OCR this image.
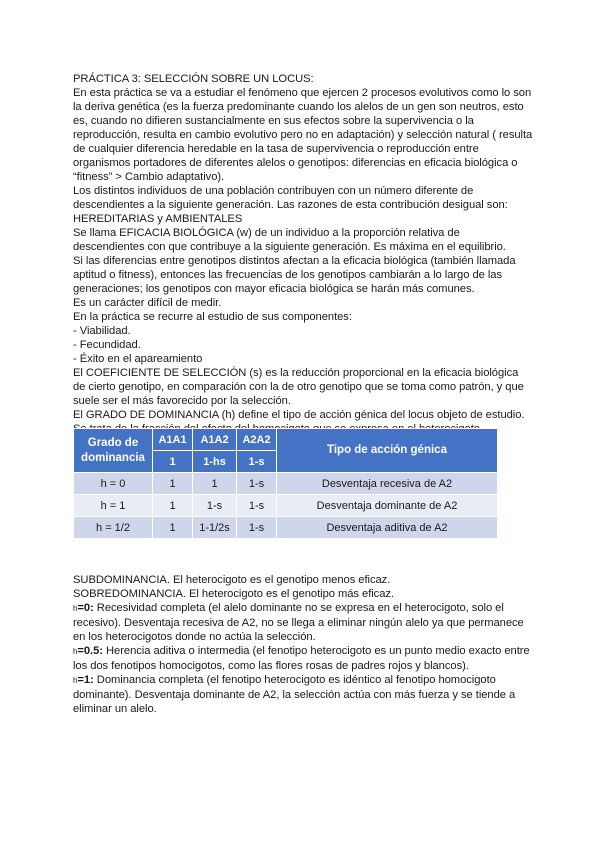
PRÁCTICA 3: SELECCIÓN SOBRE UN LOCUS:

En esta práctica se va a estudiar el fenómeno que ejercen 2 procesos evolutivos como lo son la deriva genética (es la fuerza predominante cuando los alelos de un gen son neutros, esto es, cuando no difieren sustancialmente en sus efectos sobre la supervivencia o la reproducción, resulta en cambio evolutivo pero no en adaptación) y selección natural ( resulta de cualquier diferencia heredable en la tasa de supervivencia o reproducción entre organismos portadores de diferentes alelos o genotipos: diferencias en eficacia biológica o “fitness” > Cambio adaptativo).

Los distintos individuos de una población contribuyen con un número diferente de descendientes a la siguiente generación. Las razones de esta contribución desigual son: HEREDITARIAS y AMBIENTALES

Se llama EFICACIA BIOLÓGICA (w) de un individuo a la proporción relativa de descendientes con que contribuye a la siguiente generación. Es máxima en el equilibrio.

Si las diferencias entre genotipos distintos afectan a la eficacia biológica (también llamada aptitud o fitness), entonces las frecuencias de los genotipos cambiarán a lo largo de las generaciones; los genotipos con mayor eficacia biológica se harán más comunes.

Es un carácter difícil de medir.

En la práctica se recurre al estudio de sus componentes:

- Viabilidad.

- Fecundidad.

- Éxito en el apareamiento

El COEFICIENTE DE SELECCIÓN (s) es la reducción proporcional en la eficacia biológica de cierto genotipo, en comparación con la de otro genotipo que se toma como patrón, y que suele ser el más favorecido por la selección.

El GRADO DE DOMINANCIA (h) define el tipo de acción génica del locus objeto de estudio.

Grado de dominancia	A1A1	A1A2	A2A2	Tipo de acción génica
	1	1-hs	1-s	
h = 0	1	1	1-s	Desventaja recesiva de A2
h = 1	1	1-s	1-s	Desventaja dominante de A2
h = 1/2	1	1-1/2s	1-s	Desventaja aditiva de A2

SUBDOMINANCIA. El heterocigoto es el genotipo menos eficaz.

SOBREDOMINANCIA. El heterocigoto es el genotipo más eficaz.

h=0: Recesividad completa (el alelo dominante no se expresa en el heterocigoto, solo el recesivo). Desventaja recesiva de A2, no se llega a eliminar ningún alelo ya que permanece en los heterocigotos donde no actúa la selección.

h=0.5: Herencia aditiva o intermedia (el fenotipo heterocigoto es un punto medio exacto entre los dos fenotipos homocigotos, como las flores rosas de padres rojos y blancos).

h=1: Dominancia completa (el fenotipo heterocigoto es idéntico al fenotipo homocigoto dominante). Desventaja dominante de A2, la selección actúa con más fuerza y se tiende a eliminar un alelo.
